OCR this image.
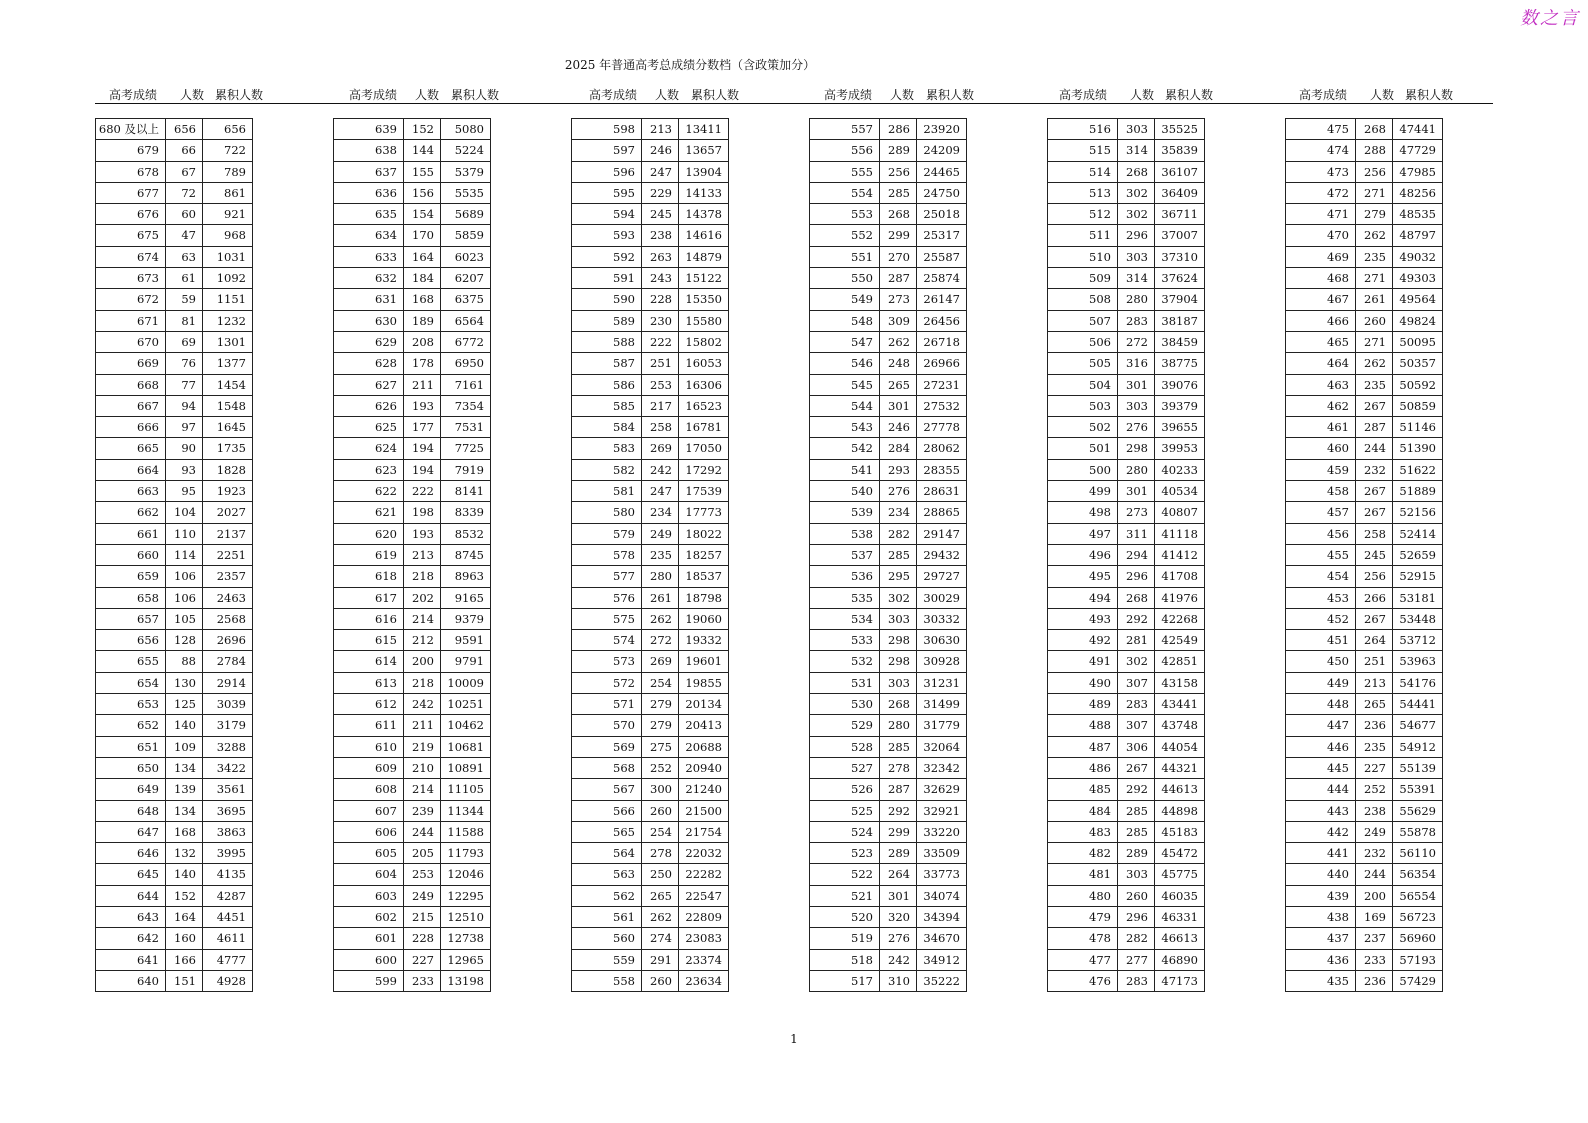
数之言
2025 年普通高考总成绩分数档（含政策加分）
高考成绩 人数 累积人数	高考成绩 人数 累积人数	高考成绩 人数 累积人数	高考成绩 人数 累积人数	高考成绩 人数 累积人数	高考成绩 人数 累积人数
680 及以上	656	656
679	66	722
678	67	789
677	72	861
676	60	921
675	47	968
674	63	1031
673	61	1092
672	59	1151
671	81	1232
670	69	1301
669	76	1377
668	77	1454
667	94	1548
666	97	1645
665	90	1735
664	93	1828
663	95	1923
662	104	2027
661	110	2137
660	114	2251
659	106	2357
658	106	2463
657	105	2568
656	128	2696
655	88	2784
654	130	2914
653	125	3039
652	140	3179
651	109	3288
650	134	3422
649	139	3561
648	134	3695
647	168	3863
646	132	3995
645	140	4135
644	152	4287
643	164	4451
642	160	4611
641	166	4777
640	151	4928
639	152	5080
638	144	5224
637	155	5379
636	156	5535
635	154	5689
634	170	5859
633	164	6023
632	184	6207
631	168	6375
630	189	6564
629	208	6772
628	178	6950
627	211	7161
626	193	7354
625	177	7531
624	194	7725
623	194	7919
622	222	8141
621	198	8339
620	193	8532
619	213	8745
618	218	8963
617	202	9165
616	214	9379
615	212	9591
614	200	9791
613	218	10009
612	242	10251
611	211	10462
610	219	10681
609	210	10891
608	214	11105
607	239	11344
606	244	11588
605	205	11793
604	253	12046
603	249	12295
602	215	12510
601	228	12738
600	227	12965
599	233	13198
598	213	13411
597	246	13657
596	247	13904
595	229	14133
594	245	14378
593	238	14616
592	263	14879
591	243	15122
590	228	15350
589	230	15580
588	222	15802
587	251	16053
586	253	16306
585	217	16523
584	258	16781
583	269	17050
582	242	17292
581	247	17539
580	234	17773
579	249	18022
578	235	18257
577	280	18537
576	261	18798
575	262	19060
574	272	19332
573	269	19601
572	254	19855
571	279	20134
570	279	20413
569	275	20688
568	252	20940
567	300	21240
566	260	21500
565	254	21754
564	278	22032
563	250	22282
562	265	22547
561	262	22809
560	274	23083
559	291	23374
558	260	23634
557	286	23920
556	289	24209
555	256	24465
554	285	24750
553	268	25018
552	299	25317
551	270	25587
550	287	25874
549	273	26147
548	309	26456
547	262	26718
546	248	26966
545	265	27231
544	301	27532
543	246	27778
542	284	28062
541	293	28355
540	276	28631
539	234	28865
538	282	29147
537	285	29432
536	295	29727
535	302	30029
534	303	30332
533	298	30630
532	298	30928
531	303	31231
530	268	31499
529	280	31779
528	285	32064
527	278	32342
526	287	32629
525	292	32921
524	299	33220
523	289	33509
522	264	33773
521	301	34074
520	320	34394
519	276	34670
518	242	34912
517	310	35222
516	303	35525
515	314	35839
514	268	36107
513	302	36409
512	302	36711
511	296	37007
510	303	37310
509	314	37624
508	280	37904
507	283	38187
506	272	38459
505	316	38775
504	301	39076
503	303	39379
502	276	39655
501	298	39953
500	280	40233
499	301	40534
498	273	40807
497	311	41118
496	294	41412
495	296	41708
494	268	41976
493	292	42268
492	281	42549
491	302	42851
490	307	43158
489	283	43441
488	307	43748
487	306	44054
486	267	44321
485	292	44613
484	285	44898
483	285	45183
482	289	45472
481	303	45775
480	260	46035
479	296	46331
478	282	46613
477	277	46890
476	283	47173
475	268	47441
474	288	47729
473	256	47985
472	271	48256
471	279	48535
470	262	48797
469	235	49032
468	271	49303
467	261	49564
466	260	49824
465	271	50095
464	262	50357
463	235	50592
462	267	50859
461	287	51146
460	244	51390
459	232	51622
458	267	51889
457	267	52156
456	258	52414
455	245	52659
454	256	52915
453	266	53181
452	267	53448
451	264	53712
450	251	53963
449	213	54176
448	265	54441
447	236	54677
446	235	54912
445	227	55139
444	252	55391
443	238	55629
442	249	55878
441	232	56110
440	244	56354
439	200	56554
438	169	56723
437	237	56960
436	233	57193
435	236	57429
1
